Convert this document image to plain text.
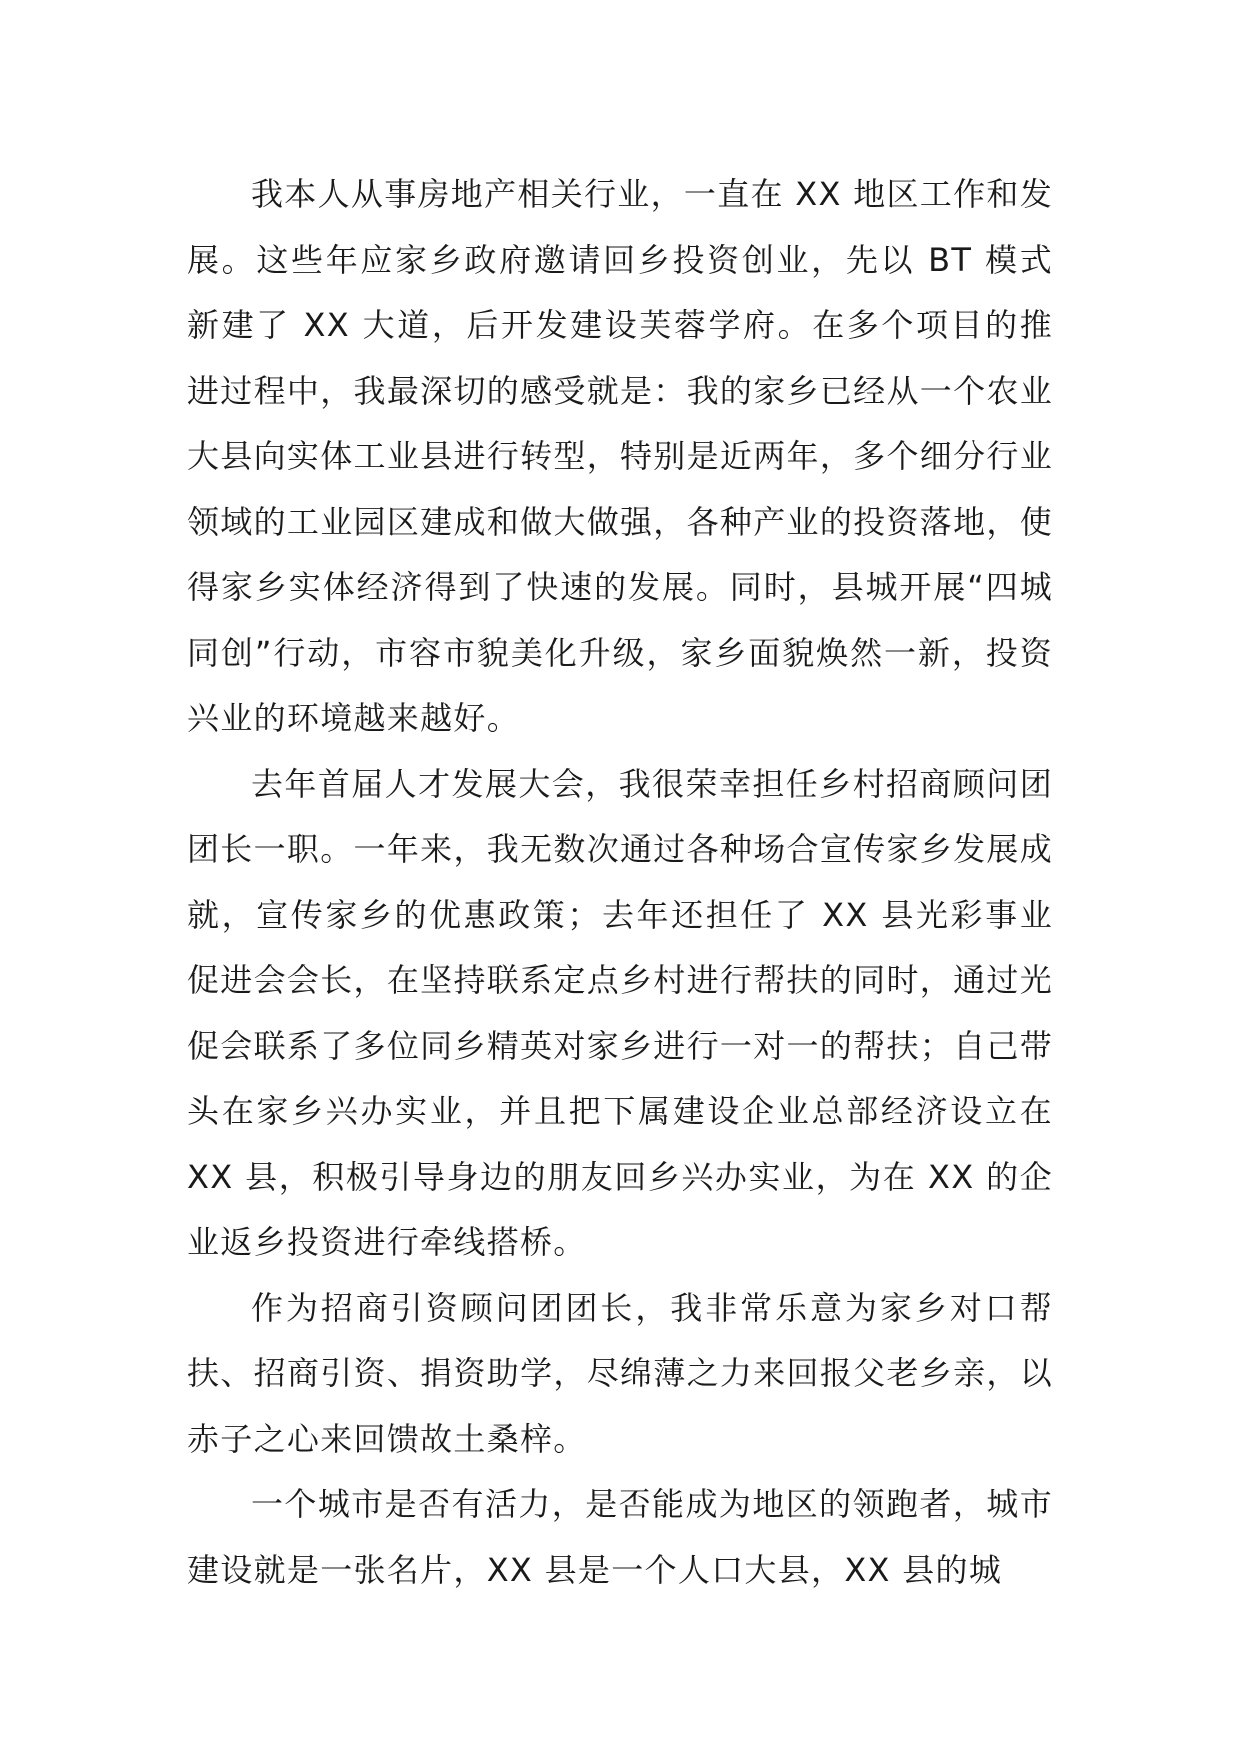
我本人从事房地产相关行业，一直在 XX 地区工作和发展。这些年应家乡政府邀请回乡投资创业，先以 BT 模式新建了 XX 大道，后开发建设芙蓉学府。在多个项目的推进过程中，我最深切的感受就是：我的家乡已经从一个农业大县向实体工业县进行转型，特别是近两年，多个细分行业领域的工业园区建成和做大做强，各种产业的投资落地，使得家乡实体经济得到了快速的发展。同时，县城开展“四城同创”行动，市容市貌美化升级，家乡面貌焕然一新，投资兴业的环境越来越好。

去年首届人才发展大会，我很荣幸担任乡村招商顾问团团长一职。一年来，我无数次通过各种场合宣传家乡发展成就，宣传家乡的优惠政策；去年还担任了 XX 县光彩事业促进会会长，在坚持联系定点乡村进行帮扶的同时，通过光促会联系了多位同乡精英对家乡进行一对一的帮扶；自己带头在家乡兴办实业，并且把下属建设企业总部经济设立在 XX 县，积极引导身边的朋友回乡兴办实业，为在 XX 的企业返乡投资进行牵线搭桥。

作为招商引资顾问团团长，我非常乐意为家乡对口帮扶、招商引资、捐资助学，尽绵薄之力来回报父老乡亲，以赤子之心来回馈故土桑梓。

一个城市是否有活力，是否能成为地区的领跑者，城市建设就是一张名片，XX 县是一个人口大县，XX 县的城
